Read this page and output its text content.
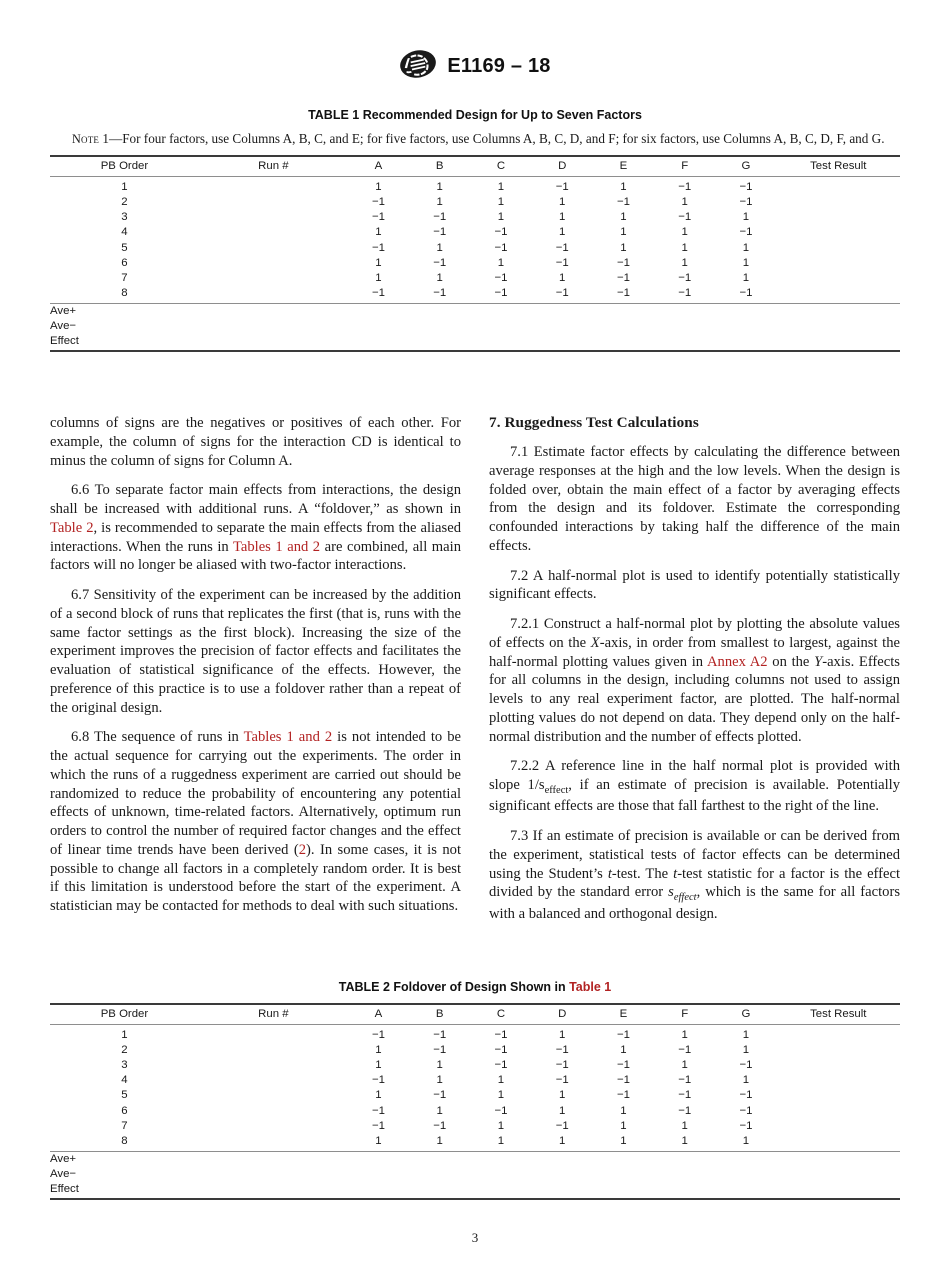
E1169 – 18
TABLE 1 Recommended Design for Up to Seven Factors

Note 1—For four factors, use Columns A, B, C, and E; for five factors, use Columns A, B, C, D, and F; for six factors, use Columns A, B, C, D, F, and G.

PB Order	Run #	A	B	C	D	E	F	G	Test Result
1		1	1	1	−1	1	−1	−1	
2		−1	1	1	1	−1	1	−1	
3		−1	−1	1	1	1	−1	1	
4		1	−1	−1	1	1	1	−1	
5		−1	1	−1	−1	1	1	1	
6		1	−1	1	−1	−1	1	1	
7		1	1	−1	1	−1	−1	1	
8		−1	−1	−1	−1	−1	−1	−1	
Ave+									
Ave−									
Effect									

columns of signs are the negatives or positives of each other. For example, the column of signs for the interaction CD is identical to minus the column of signs for Column A.

6.6 To separate factor main effects from interactions, the design shall be increased with additional runs. A “foldover,” as shown in Table 2, is recommended to separate the main effects from the aliased interactions. When the runs in Tables 1 and 2 are combined, all main factors will no longer be aliased with two-factor interactions.

6.7 Sensitivity of the experiment can be increased by the addition of a second block of runs that replicates the first (that is, runs with the same factor settings as the first block). Increasing the size of the experiment improves the precision of factor effects and facilitates the evaluation of statistical significance of the effects. However, the preference of this practice is to use a foldover rather than a repeat of the original design.

6.8 The sequence of runs in Tables 1 and 2 is not intended to be the actual sequence for carrying out the experiments. The order in which the runs of a ruggedness experiment are carried out should be randomized to reduce the probability of encountering any potential effects of unknown, time-related factors. Alternatively, optimum run orders to control the number of required factor changes and the effect of linear time trends have been derived (2). In some cases, it is not possible to change all factors in a completely random order. It is best if this limitation is understood before the start of the experiment. A statistician may be contacted for methods to deal with such situations.

7. Ruggedness Test Calculations

7.1 Estimate factor effects by calculating the difference between average responses at the high and the low levels. When the design is folded over, obtain the main effect of a factor by averaging effects from the design and its foldover. Estimate the corresponding confounded interactions by taking half the difference of the main effects.

7.2 A half-normal plot is used to identify potentially statistically significant effects.

7.2.1 Construct a half-normal plot by plotting the absolute values of effects on the X-axis, in order from smallest to largest, against the half-normal plotting values given in Annex A2 on the Y-axis. Effects for all columns in the design, including columns not used to assign levels to any real experiment factor, are plotted. The half-normal plotting values do not depend on data. They depend only on the half-normal distribution and the number of effects plotted.

7.2.2 A reference line in the half normal plot is provided with slope $1/s_{effect}$, if an estimate of precision is available. Potentially significant effects are those that fall farthest to the right of the line.

7.3 If an estimate of precision is available or can be derived from the experiment, statistical tests of factor effects can be determined using the Student’s t-test. The t-test statistic for a factor is the effect divided by the standard error $s_{effect}$, which is the same for all factors with a balanced and orthogonal design.

TABLE 2 Foldover of Design Shown in Table 1
PB Order	Run #	A	B	C	D	E	F	G	Test Result
1		−1	−1	−1	1	−1	1	1	
2		1	−1	−1	−1	1	−1	1	
3		1	1	−1	−1	−1	1	−1	
4		−1	1	1	−1	−1	−1	1	
5		1	−1	1	1	−1	−1	−1	
6		−1	1	−1	1	1	−1	−1	
7		−1	−1	1	−1	1	1	−1	
8		1	1	1	1	1	1	1	
Ave+									
Ave−									
Effect									
3
